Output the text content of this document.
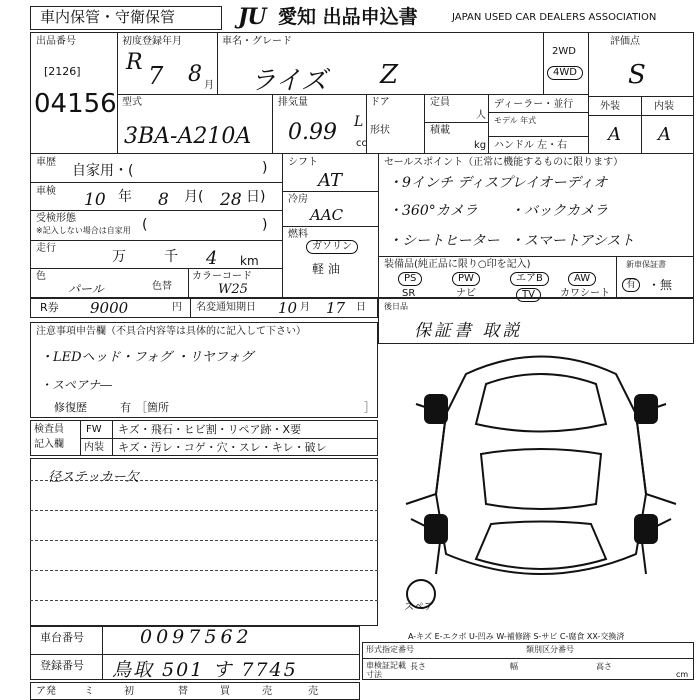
車内保管・守衛保管	JU 愛知 出品申込書	JAPAN USED CAR DEALERS ASSOCIATION
出品番号
[2126]
04156
初度登録年月
R 7 8 月
車名・グレード
ライズ Z
2WD
4WD
評価点
S
外装	内装
A A
型式
3BA-A210A
排気量
0.99 L
cc
ドア
形状
定員
人
積載
kg
ディーラー・並行
モデル 年式
ハンドル 左・右
車歴
自家用・(	)
車検 10 年 8 月( 28 日)
受検形態
※記入しない場合は自家用 (	)
走行
万	千 4 km
色
パール	色替
カラーコード
W25
シフト
AT
冷房
AAC
燃料
ガソリン
軽 油
セールスポイント（正常に機能するものに限ります）
・9インチ ディスプレイオーディオ
・360°カメラ ・バックカメラ
・シートヒーター ・スマートアシスト
装備品(純正品に限り○印を記入)
PS	PW	エアB	AW
SR	ナビ	TV	カワシート
新車保証書
有	・無
R券 9000	円 名変通知期日 10 月 17 日
注意事項申告欄（不具合内容等は具体的に記入して下さい）
・LEDヘッド・フォグ ・リヤフォグ
・スペアナ―
修復歴	有 ［箇所	］
後日品
保証書 取説
検査員
記入欄
FW キズ・飛石・ヒビ割・リペア跡・X要
内装 キズ・汚レ・コゲ・穴・スレ・キレ・破レ
径ステッカー欠
スペア
A-キズ E-エクボ U-凹み W-補修跡 S-サビ C-腐食 XX-交換済
車台番号	0097562
登録番号 鳥取 501 す 7745
形式指定番号	類別区分番号
車検証記載
寸法
長さ	幅	高さ
cm
ア発	ミ	初	替	買	売	売
